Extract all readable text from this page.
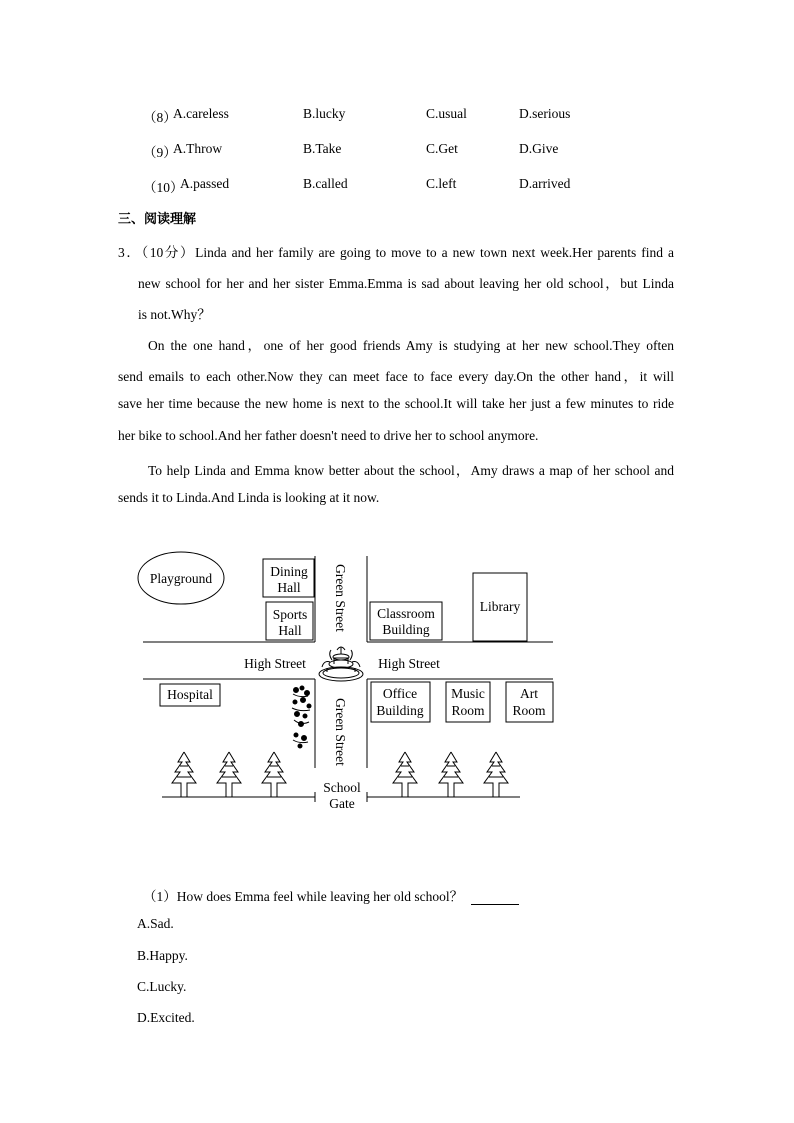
（8）
A.careless	B.lucky	C.usual	D.serious
（9）
A.Throw	B.Take	C.Get	D.Give
（10）
A.passed	B.called	C.left	D.arrived
三、阅读理解
3．（10分）Linda and her family are going to move to a new town next week.Her parents find a
new school for her and her sister Emma.Emma is sad about leaving her old school，but Linda
is not.Why？
On the one hand，one of her good friends Amy is studying at her new school.They often
send emails to each other.Now they can meet face to face every day.On the other hand，it will
save her time because the new home is next to the school.It will take her just a few minutes to ride
her bike to school.And her father doesn't need to drive her to school anymore.
To help Linda and Emma know better about the school，Amy draws a map of her school and
sends it to Linda.And Linda is looking at it now.
Playground	Dining
Hall
Sports
Hall Green Street
Green Street
Classroom
Building
Library
High Street	High Street
Hospital	Office
Building
Music
Room
Art
Room
School
Gate
（1）How does Emma feel while leaving her old school？
A.Sad.
B.Happy.
C.Lucky.
D.Excited.
